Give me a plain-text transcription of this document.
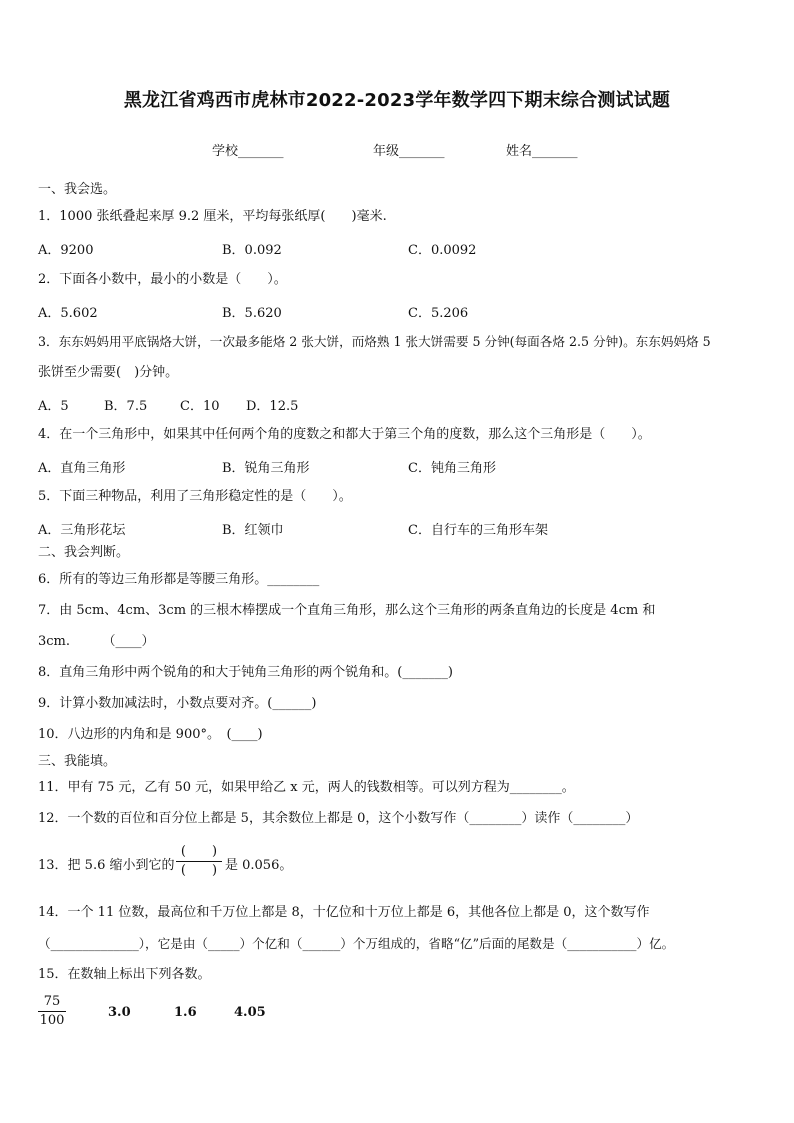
黑龙江省鸡西市虎林市2022-2023学年数学四下期末综合测试试题
学校_______	年级_______	姓名_______
一、我会选。
1．1000 张纸叠起来厚 9.2 厘米，平均每张纸厚(　　)毫米.
A．9200	B．0.092	C．0.0092
2．下面各小数中，最小的小数是（　　）。
A．5.602	B．5.620	C．5.206
3．东东妈妈用平底锅烙大饼，一次最多能烙 2 张大饼，而烙熟 1 张大饼需要 5 分钟(每面各烙 2.5 分钟)。东东妈妈烙 5
张饼至少需要(　)分钟。
A．5	B．7.5	C．10 D．12.5
4．在一个三角形中，如果其中任何两个角的度数之和都大于第三个角的度数，那么这个三角形是（　　）。
A．直角三角形	B．锐角三角形	C．钝角三角形
5．下面三种物品，利用了三角形稳定性的是（　　）。
A．三角形花坛	B．红领巾	C．自行车的三角形车架
二、我会判断。
6．所有的等边三角形都是等腰三角形。________
7．由 5cm、4cm、3cm 的三根木棒摆成一个直角三角形，那么这个三角形的两条直角边的长度是 4cm 和
3cm.　　　（____）
8．直角三角形中两个锐角的和大于钝角三角形的两个锐角和。(_______)
9．计算小数加减法时，小数点要对齐。(______)
10．八边形的内角和是 900°。　(____)
三、我能填。
11．甲有 75 元，乙有 50 元，如果甲给乙 x 元，两人的钱数相等。可以列方程为________。
12．一个数的百位和百分位上都是 5，其余数位上都是 0，这个小数写作（________）读作（________）
13．把 5.6 缩小到它的
(　　)
(　　) 是 0.056。
14．一个 11 位数，最高位和千万位上都是 8，十亿位和十万位上都是 6，其他各位上都是 0，这个数写作
（______________），它是由（_____）个亿和（______）个万组成的，省略“亿”后面的尾数是（___________）亿。
15．在数轴上标出下列各数。
75
100
3.0	1.6	4.05
